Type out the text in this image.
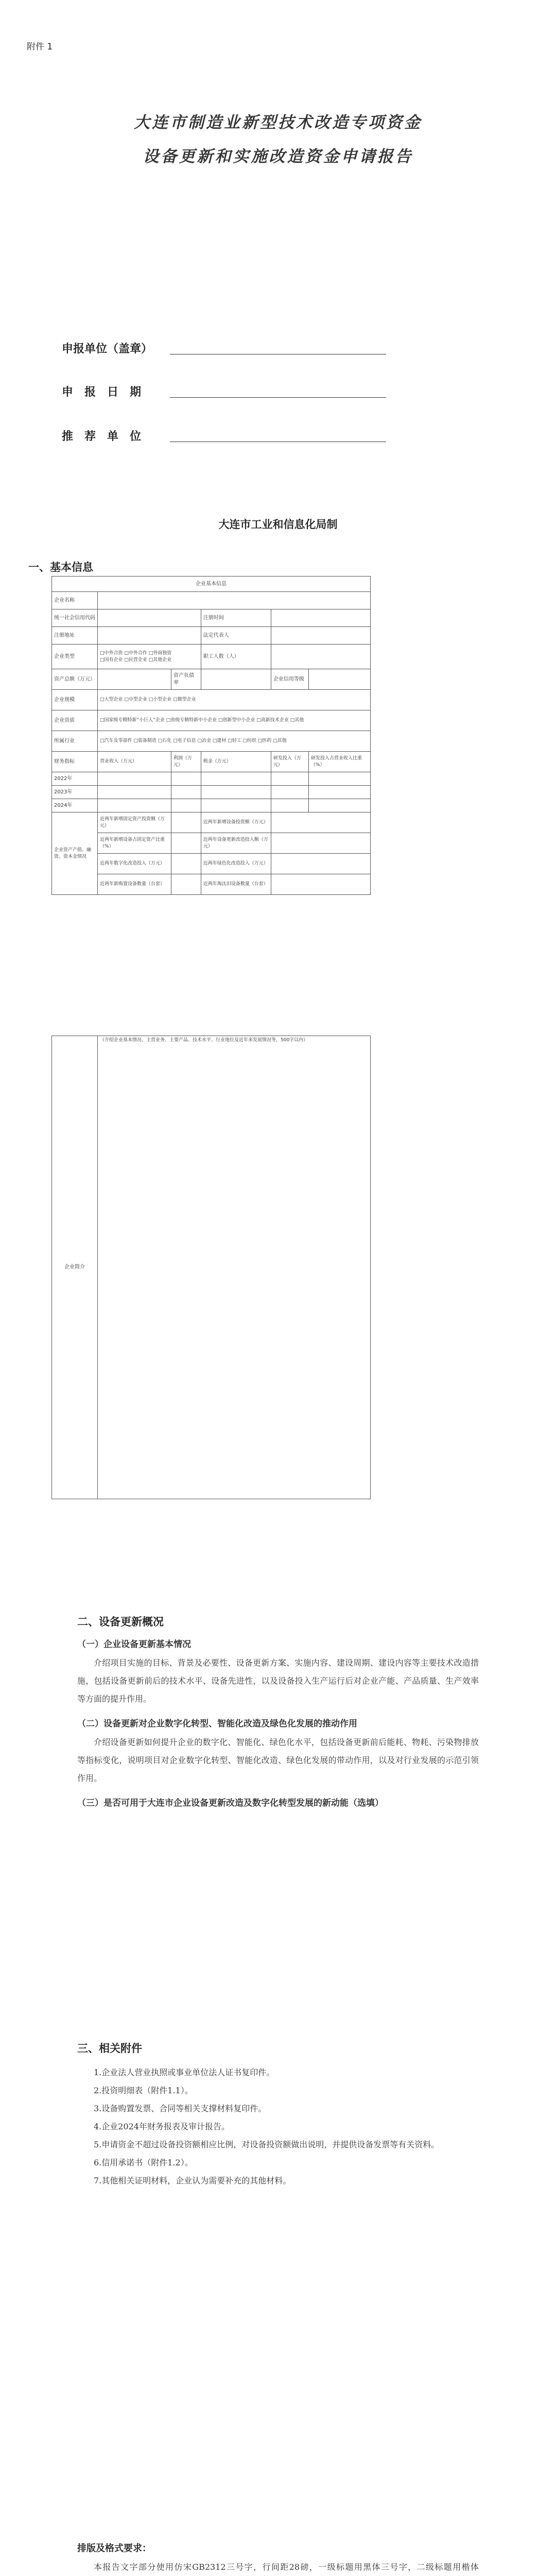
附件 1
大连市制造业新型技术改造专项资金
设备更新和实施改造资金申请报告
申报单位（盖章）
申　报　日　期
推　荐　单　位
大连市工业和信息化局制
一、基本信息
企业基本信息					
企业名称					
统一社会信用代码			注册时间		
注册地址			法定代表人		
企业类型	□中外合资 □中外合作 □外商独资
□国有企业 □民营企业 □其他企业		职工人数（人）		
资产总额（万元）		资产负债率		企业信用等级	
企业规模	□大型企业 □中型企业 □小型企业 □微型企业				
企业资质	□国家级专精特新“小巨人”企业 □省级专精特新中小企业 □创新型中小企业 □高新技术企业 □其他				
所属行业	□汽车及零部件 □装备制造 □石化 □电子信息 □冶金 □建材 □轻工 □纺织 □医药 □其他				
财务指标	营业收入（万元）	利润（万元）	税金（万元）	研发投入（万元）	研发投入占营业收入比重（%）
2022年					
2023年					
2024年					
企业资产产值、融资、资本金情况	近两年新增固定资产投资额（万元）		近两年新增设备投资额（万元）		
	近两年新增设备占固定资产比重（%）		近两年设备更新改造投入额（万元）		
	近两年数字化改造投入（万元）		近两年绿色化改造投入（万元）		
	近两年新购置设备数量（台套）		近两年淘汰旧设备数量（台套）		
企业简介	（介绍企业基本情况、主营业务、主要产品、技术水平、行业地位及近年来发展情况等，500字以内）
二、设备更新概况
（一）企业设备更新基本情况

介绍项目实施的目标、背景及必要性、设备更新方案、实施内容、建设周期、建设内容等主要技术改造措施，包括设备更新前后的技术水平、设备先进性，以及设备投入生产运行后对企业产能、产品质量、生产效率等方面的提升作用。

（二）设备更新对企业数字化转型、智能化改造及绿色化发展的推动作用

介绍设备更新如何提升企业的数字化、智能化、绿色化水平，包括设备更新前后能耗、物耗、污染物排放等指标变化，说明项目对企业数字化转型、智能化改造、绿色化发展的带动作用，以及对行业发展的示范引领作用。

（三）是否可用于大连市企业设备更新改造及数字化转型发展的新动能（选填）
三、相关附件

1.企业法人营业执照或事业单位法人证书复印件。

2.投资明细表（附件1.1）。

3.设备购置发票、合同等相关支撑材料复印件。

4.企业2024年财务报表及审计报告。

5.申请资金不超过设备投资额相应比例，对设备投资额做出说明，并提供设备发票等有关资料。

6.信用承诺书（附件1.2）。

7.其他相关证明材料，企业认为需要补充的其他材料。

排版及格式要求：

本报告文字部分使用仿宋GB2312三号字，行间距28磅，一级标题用黑体三号字，二级标题用楷体
